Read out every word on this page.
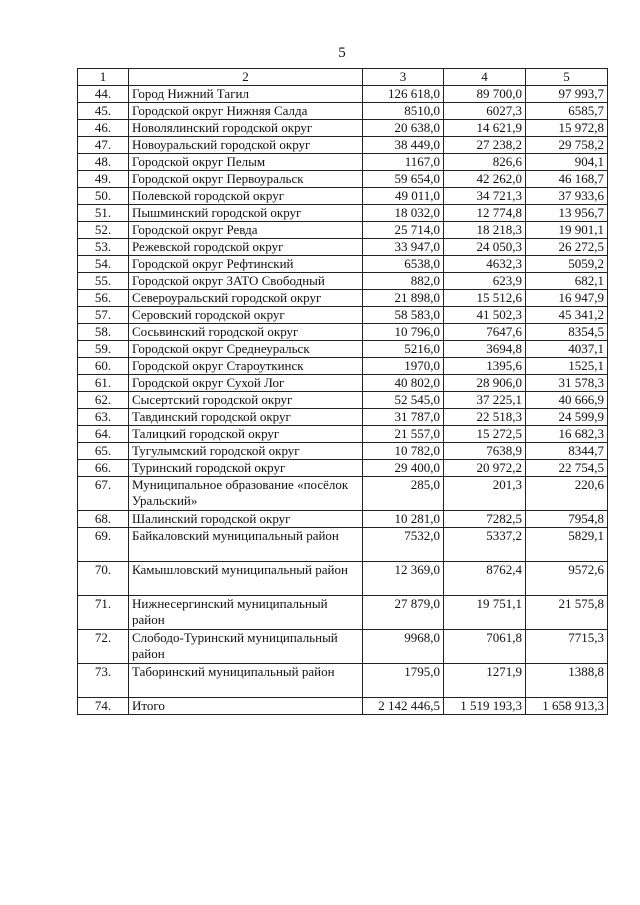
5
1	2	3	4	5
44.	Город Нижний Тагил	126 618,0	89 700,0	97 993,7
45.	Городской округ Нижняя Салда	8510,0	6027,3	6585,7
46.	Новолялинский городской округ	20 638,0	14 621,9	15 972,8
47.	Новоуральский городской округ	38 449,0	27 238,2	29 758,2
48.	Городской округ Пелым	1167,0	826,6	904,1
49.	Городской округ Первоуральск	59 654,0	42 262,0	46 168,7
50.	Полевской городской округ	49 011,0	34 721,3	37 933,6
51.	Пышминский городской округ	18 032,0	12 774,8	13 956,7
52.	Городской округ Ревда	25 714,0	18 218,3	19 901,1
53.	Режевской городской округ	33 947,0	24 050,3	26 272,5
54.	Городской округ Рефтинский	6538,0	4632,3	5059,2
55.	Городской округ ЗАТО Свободный	882,0	623,9	682,1
56.	Североуральский городской округ	21 898,0	15 512,6	16 947,9
57.	Серовский городской округ	58 583,0	41 502,3	45 341,2
58.	Сосьвинский городской округ	10 796,0	7647,6	8354,5
59.	Городской округ Среднеуральск	5216,0	3694,8	4037,1
60.	Городской округ Староуткинск	1970,0	1395,6	1525,1
61.	Городской округ Сухой Лог	40 802,0	28 906,0	31 578,3
62.	Сысертский городской округ	52 545,0	37 225,1	40 666,9
63.	Тавдинский городской округ	31 787,0	22 518,3	24 599,9
64.	Талицкий городской округ	21 557,0	15 272,5	16 682,3
65.	Тугулымский городской округ	10 782,0	7638,9	8344,7
66.	Туринский городской округ	29 400,0	20 972,2	22 754,5
67.	Муниципальное образование «посёлок Уральский»	285,0	201,3	220,6
68.	Шалинский городской округ	10 281,0	7282,5	7954,8
69.	Байкаловский муниципальный район	7532,0	5337,2	5829,1
70.	Камышловский муниципальный район	12 369,0	8762,4	9572,6
71.	Нижнесергинский муниципальный район	27 879,0	19 751,1	21 575,8
72.	Слободо-Туринский муниципальный район	9968,0	7061,8	7715,3
73.	Таборинский муниципальный район	1795,0	1271,9	1388,8
74.	Итого	2 142 446,5	1 519 193,3	1 658 913,3
